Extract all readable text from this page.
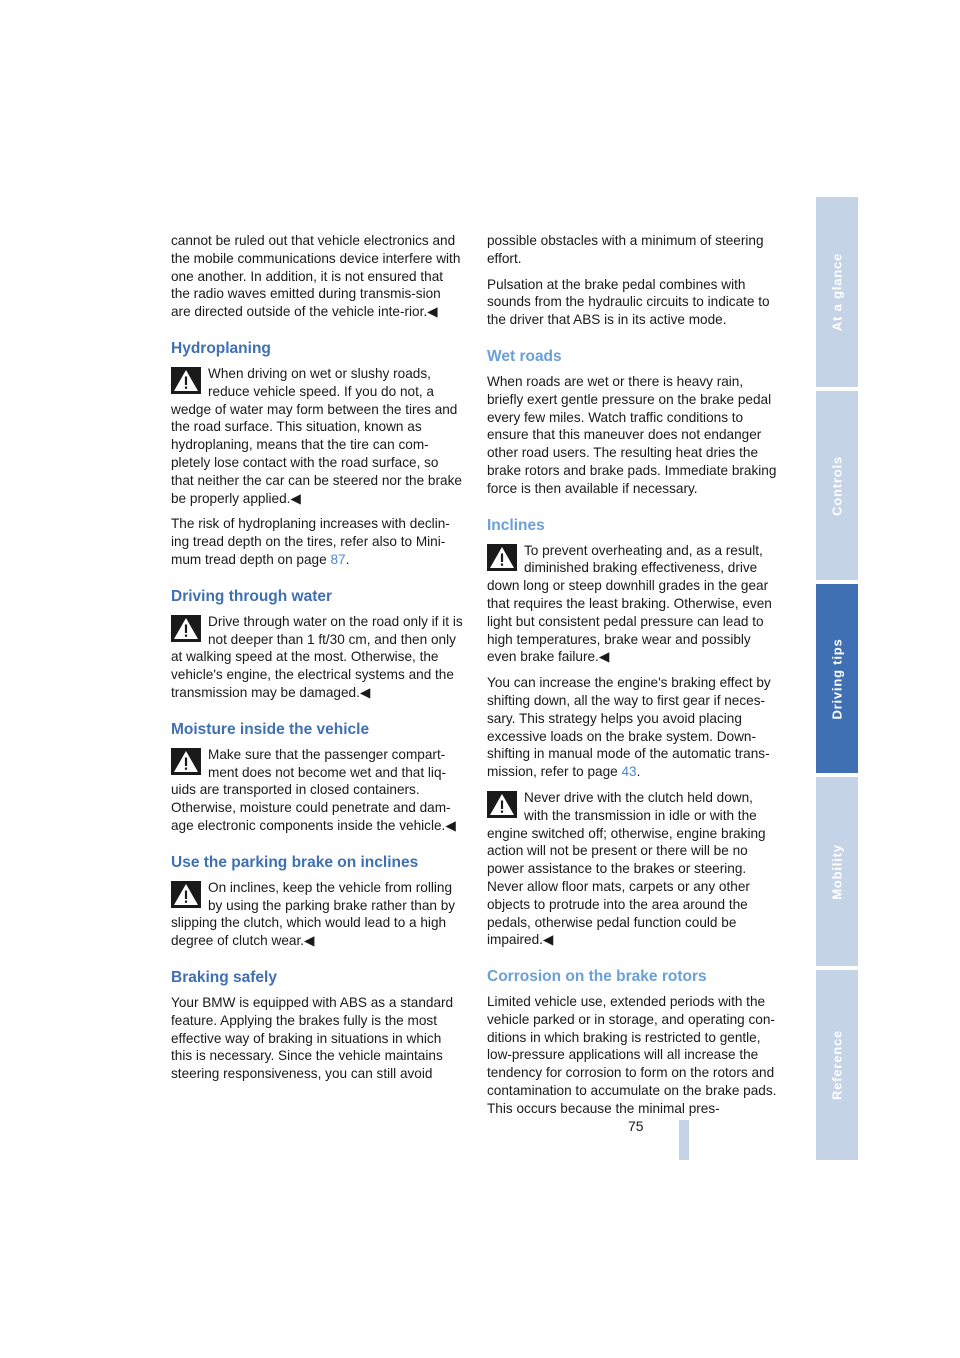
cannot be ruled out that vehicle electronics and the mobile communications device interfere with one another. In addition, it is not ensured that the radio waves emitted during transmis-sion are directed outside of the vehicle inte-rior.◀

Hydroplaning
When driving on wet or slushy roads, reduce vehicle speed. If you do not, a wedge of water may form between the tires and the road surface. This situation, known as hydroplaning, means that the tire can com-pletely lose contact with the road surface, so that neither the car can be steered nor the brake be properly applied.◀

The risk of hydroplaning increases with declin-ing tread depth on the tires, refer also to Mini-mum tread depth on page 87.

Driving through water
Drive through water on the road only if it is not deeper than 1 ft/30 cm, and then only at walking speed at the most. Otherwise, the vehicle's engine, the electrical systems and the transmission may be damaged.◀
Moisture inside the vehicle
Make sure that the passenger compart-ment does not become wet and that liq-uids are transported in closed containers. Otherwise, moisture could penetrate and dam-age electronic components inside the vehicle.◀
Use the parking brake on inclines
On inclines, keep the vehicle from rolling by using the parking brake rather than by slipping the clutch, which would lead to a high degree of clutch wear.◀
Braking safely

Your BMW is equipped with ABS as a standard feature. Applying the brakes fully is the most effective way of braking in situations in which this is necessary. Since the vehicle maintains steering responsiveness, you can still avoid

possible obstacles with a minimum of steering effort.

Pulsation at the brake pedal combines with sounds from the hydraulic circuits to indicate to the driver that ABS is in its active mode.

Wet roads

When roads are wet or there is heavy rain, briefly exert gentle pressure on the brake pedal every few miles. Watch traffic conditions to ensure that this maneuver does not endanger other road users. The resulting heat dries the brake rotors and brake pads. Immediate braking force is then available if necessary.

Inclines
To prevent overheating and, as a result, diminished braking effectiveness, drive down long or steep downhill grades in the gear that requires the least braking. Otherwise, even light but consistent pedal pressure can lead to high temperatures, brake wear and possibly even brake failure.◀

You can increase the engine's braking effect by shifting down, all the way to first gear if neces-sary. This strategy helps you avoid placing excessive loads on the brake system. Down-shifting in manual mode of the automatic trans-mission, refer to page 43.

Never drive with the clutch held down, with the transmission in idle or with the engine switched off; otherwise, engine braking action will not be present or there will be no power assistance to the brakes or steering. Never allow floor mats, carpets or any other objects to protrude into the area around the pedals, otherwise pedal function could be impaired.◀
Corrosion on the brake rotors

Limited vehicle use, extended periods with the vehicle parked or in storage, and operating con-ditions in which braking is restricted to gentle, low-pressure applications will all increase the tendency for corrosion to form on the rotors and contamination to accumulate on the brake pads. This occurs because the minimal pres-

At a glance
Controls
Driving tips
Mobility
Reference
75
